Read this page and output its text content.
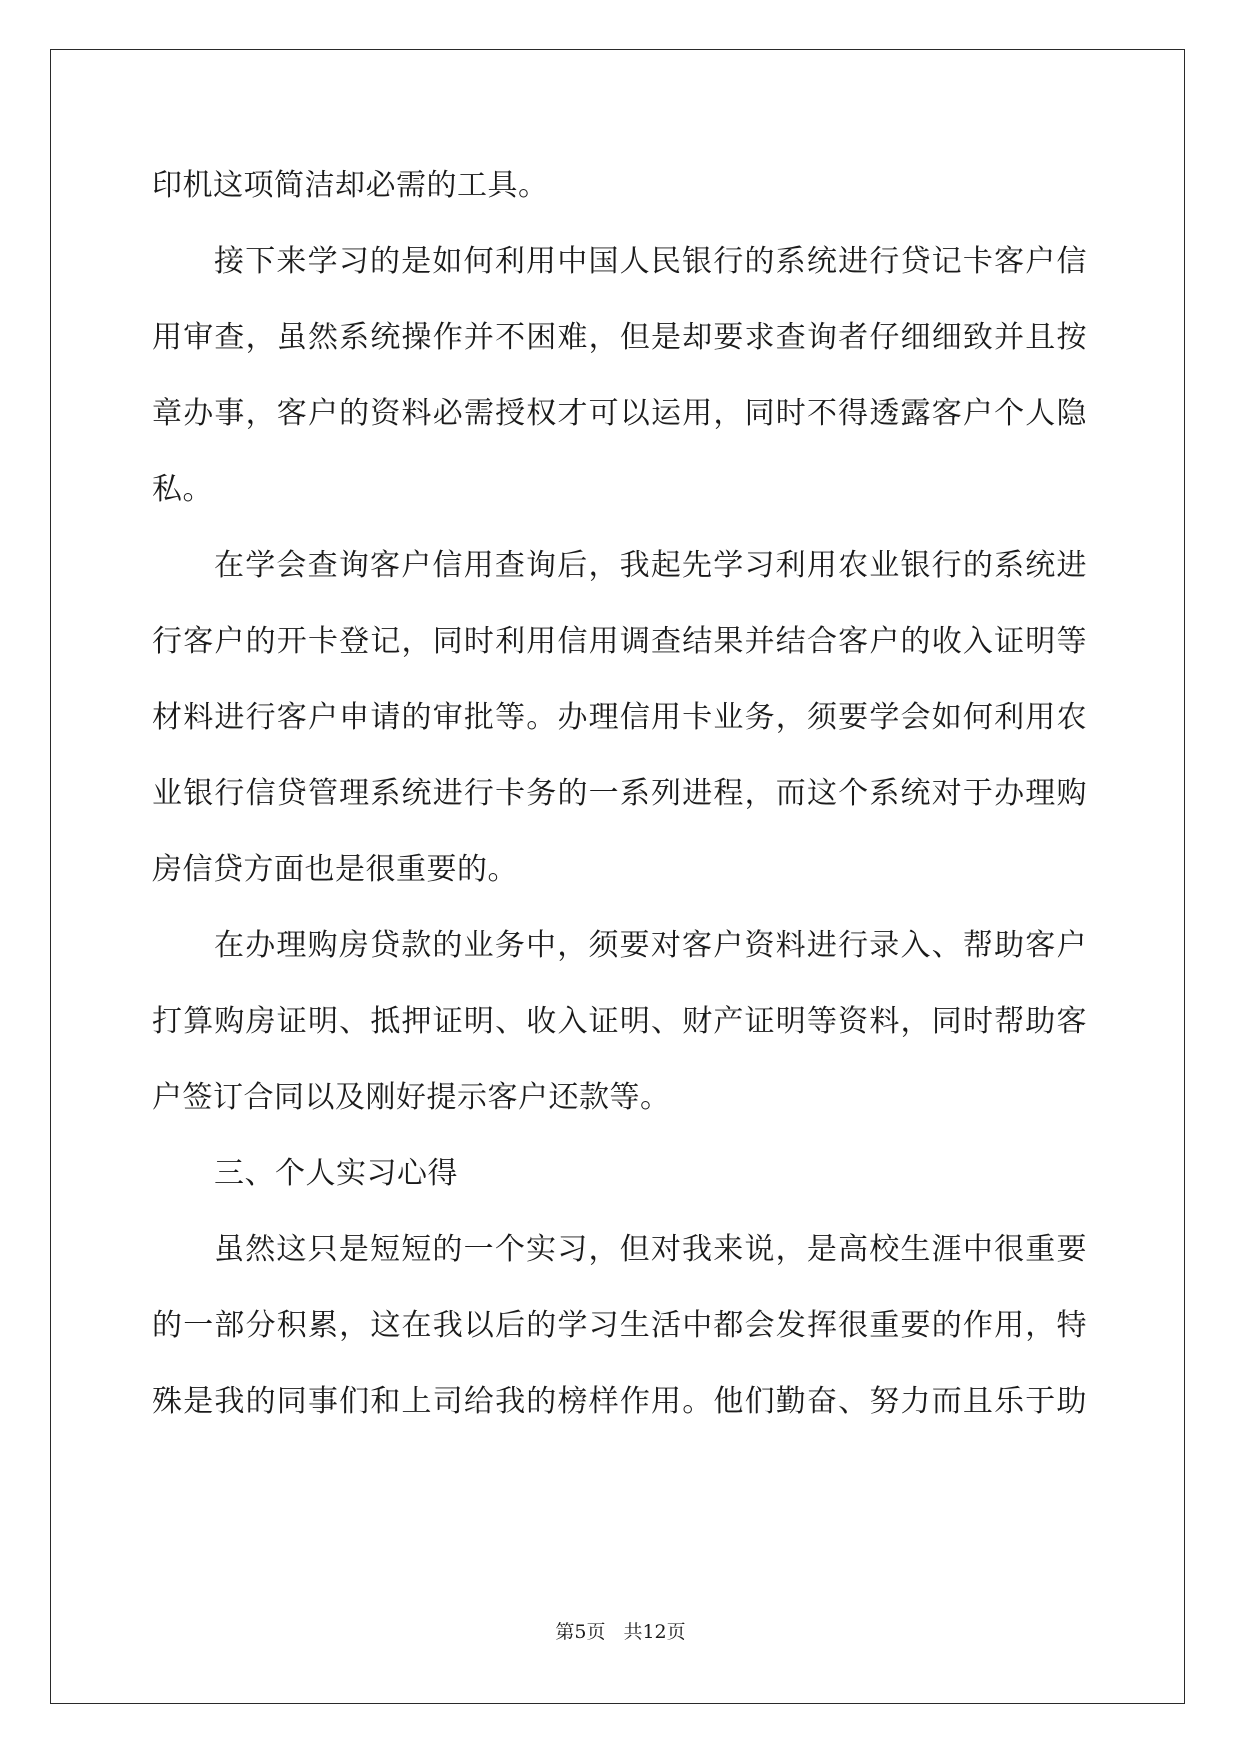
印机这项简洁却必需的工具。
接下来学习的是如何利用中国人民银行的系统进行贷记卡客户信
用审查，虽然系统操作并不困难，但是却要求查询者仔细细致并且按
章办事，客户的资料必需授权才可以运用，同时不得透露客户个人隐
私。
在学会查询客户信用查询后，我起先学习利用农业银行的系统进
行客户的开卡登记，同时利用信用调查结果并结合客户的收入证明等
材料进行客户申请的审批等。办理信用卡业务，须要学会如何利用农
业银行信贷管理系统进行卡务的一系列进程，而这个系统对于办理购
房信贷方面也是很重要的。
在办理购房贷款的业务中，须要对客户资料进行录入、帮助客户
打算购房证明、抵押证明、收入证明、财产证明等资料，同时帮助客
户签订合同以及刚好提示客户还款等。
三、个人实习心得
虽然这只是短短的一个实习，但对我来说，是高校生涯中很重要
的一部分积累，这在我以后的学习生活中都会发挥很重要的作用，特
殊是我的同事们和上司给我的榜样作用。他们勤奋、努力而且乐于助
第5页 共12页
